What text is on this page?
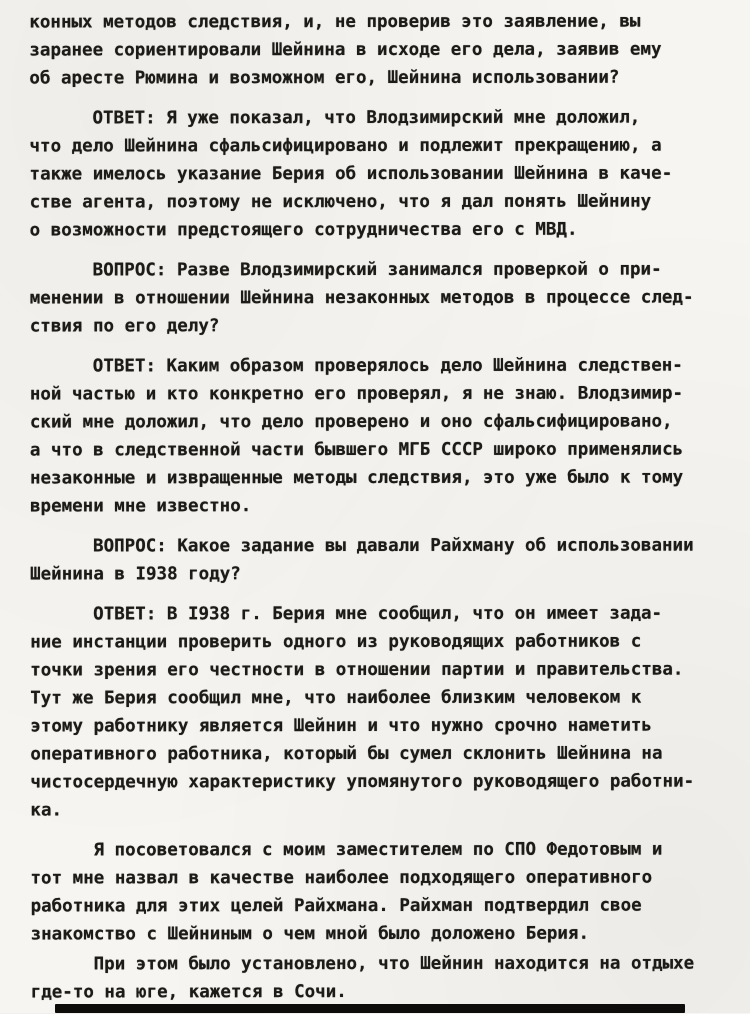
конных методов следствия, и, не проверив это заявление, вы
заранее сориентировали Шейнина в исходе его дела, заявив ему
об аресте Рюмина и возможном его, Шейнина использовании?

ОТВЕТ: Я уже показал, что Влодзимирский мне доложил,
что дело Шейнина сфальсифицировано и подлежит прекращению, а
также имелось указание Берия об использовании Шейнина в каче-
стве агента, поэтому не исключено, что я дал понять Шейнину
о возможности предстоящего сотрудничества его с МВД.

ВОПРОС: Разве Влодзимирский занимался проверкой о при-
менении в отношении Шейнина незаконных методов в процессе след-
ствия по его делу?

ОТВЕТ: Каким образом проверялось дело Шейнина следствен-
ной частью и кто конкретно его проверял, я не знаю. Влодзимир-
ский мне доложил, что дело проверено и оно сфальсифицировано,
а что в следственной части бывшего МГБ СССР широко применялись
незаконные и извращенные методы следствия, это уже было к тому
времени мне известно.

ВОПРОС: Какое задание вы давали Райхману об использовании
Шейнина в I938 году?

ОТВЕТ: В I938 г. Берия мне сообщил, что он имеет зада-
ние инстанции проверить одного из руководящих работников с
точки зрения его честности в отношении партии и правительства.
Тут же Берия сообщил мне, что наиболее близким человеком к
этому работнику является Шейнин и что нужно срочно наметить
оперативного работника, который бы сумел склонить Шейнина на
чистосердечную характеристику упомянутого руководящего работни-
ка.

Я посоветовался с моим заместителем по СПО Федотовым и
тот мне назвал в качестве наиболее подходящего оперативного
работника для этих целей Райхмана. Райхман подтвердил свое
знакомство с Шейниным о чем мной было доложено Берия.

При этом было установлено, что Шейнин находится на отдыхе
где-то на юге, кажется в Сочи.
